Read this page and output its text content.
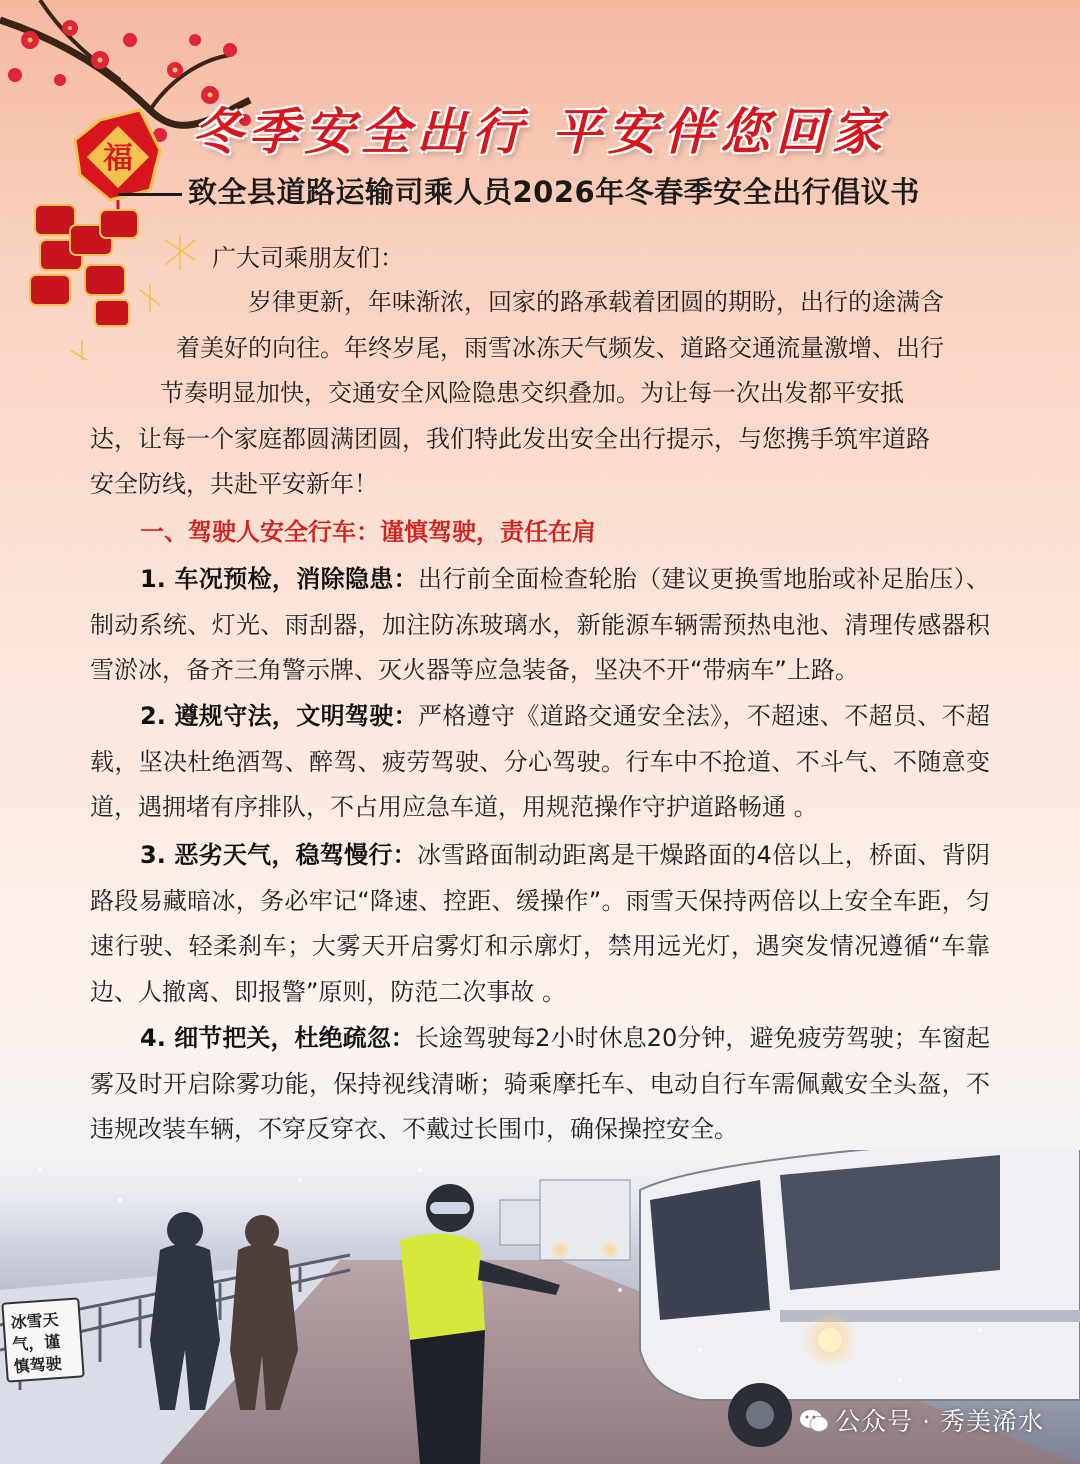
福	冬季安全出行 平安伴您回家
致全县道路运输司乘人员2026年冬春季安全出行倡议书
广大司乘朋友们：

岁律更新，年味渐浓，回家的路承载着团圆的期盼，出行的途满含

着美好的向往。年终岁尾，雨雪冰冻天气频发、道路交通流量激增、出行

节奏明显加快，交通安全风险隐患交织叠加。为让每一次出发都平安抵

达，让每一个家庭都圆满团圆，我们特此发出安全出行提示，与您携手筑牢道路

安全防线，共赴平安新年！

一、驾驶人安全行车：谨慎驾驶，责任在肩
1. 车况预检，消除隐患：出行前全面检查轮胎（建议更换雪地胎或补足胎压）、制动系统、灯光、雨刮器，加注防冻玻璃水，新能源车辆需预热电池、清理传感器积雪淤冰，备齐三角警示牌、灭火器等应急装备，坚决不开“带病车”上路。
2. 遵规守法，文明驾驶：严格遵守《道路交通安全法》，不超速、不超员、不超载，坚决杜绝酒驾、醉驾、疲劳驾驶、分心驾驶。行车中不抢道、不斗气、不随意变道，遇拥堵有序排队，不占用应急车道，用规范操作守护道路畅通 。
3. 恶劣天气，稳驾慢行：冰雪路面制动距离是干燥路面的4倍以上，桥面、背阴路段易藏暗冰，务必牢记“降速、控距、缓操作”。雨雪天保持两倍以上安全车距，匀速行驶、轻柔刹车；大雾天开启雾灯和示廓灯，禁用远光灯，遇突发情况遵循“车靠边、人撤离、即报警”原则，防范二次事故 。
4. 细节把关，杜绝疏忽：长途驾驶每2小时休息20分钟，避免疲劳驾驶；车窗起雾及时开启除雾功能，保持视线清晰；骑乘摩托车、电动自行车需佩戴安全头盔，不违规改装车辆，不穿反穿衣、不戴过长围巾，确保操控安全。
冰雪天气，谨慎驾驶
公众号 · 秀美浠水
